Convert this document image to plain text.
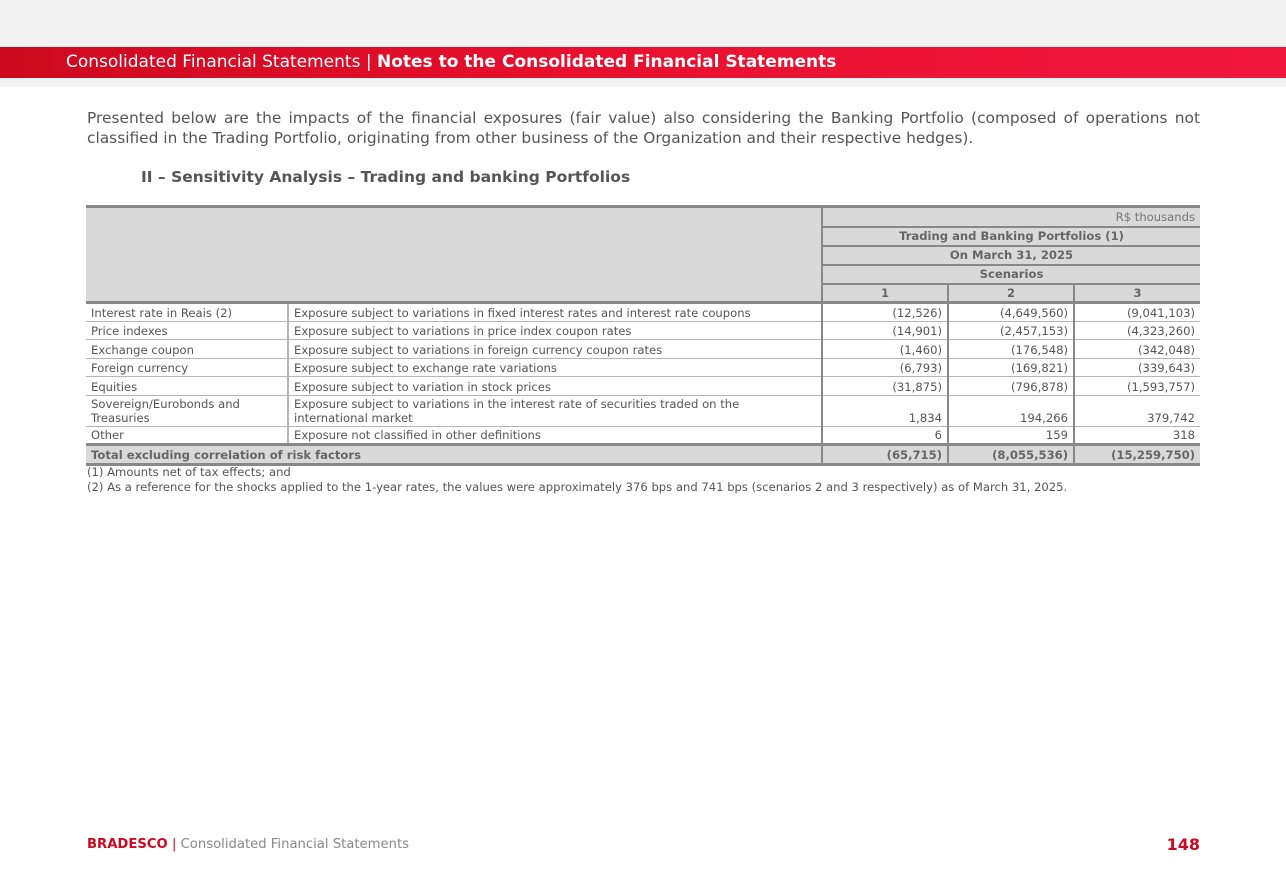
Consolidated Financial Statements | Notes to the Consolidated Financial Statements

Presented below are the impacts of the financial exposures (fair value) also considering the Banking Portfolio (composed of operations not classified in the Trading Portfolio, originating from other business of the Organization and their respective hedges).

II – Sensitivity Analysis – Trading and banking Portfolios
		R$ thousands		
		Trading and Banking Portfolios (1)		
		On March 31, 2025		
		Scenarios		
		1	2	3
Interest rate in Reais (2)	Exposure subject to variations in fixed interest rates and interest rate coupons	(12,526)	(4,649,560)	(9,041,103)
Price indexes	Exposure subject to variations in price index coupon rates	(14,901)	(2,457,153)	(4,323,260)
Exchange coupon	Exposure subject to variations in foreign currency coupon rates	(1,460)	(176,548)	(342,048)
Foreign currency	Exposure subject to exchange rate variations	(6,793)	(169,821)	(339,643)
Equities	Exposure subject to variation in stock prices	(31,875)	(796,878)	(1,593,757)
Sovereign/Eurobonds and Treasuries	Exposure subject to variations in the interest rate of securities traded on the international market	1,834	194,266	379,742
Other	Exposure not classified in other definitions	6	159	318
Total excluding correlation of risk factors		(65,715)	(8,055,536)	(15,259,750)
(1) Amounts net of tax effects; and
(2) As a reference for the shocks applied to the 1-year rates, the values were approximately 376 bps and 741 bps (scenarios 2 and 3 respectively) as of March 31, 2025.
BRADESCO | Consolidated Financial Statements	148
